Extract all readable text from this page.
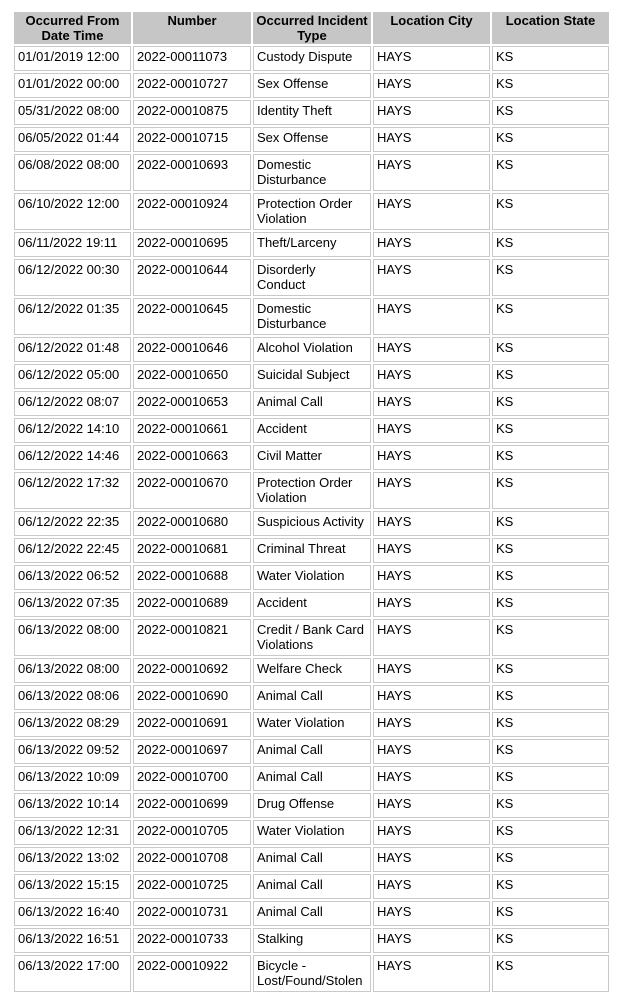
Occurred From Date Time	Number	Occurred Incident Type	Location City	Location State
01/01/2019 12:00	2022-00011073	Custody Dispute	HAYS	KS
01/01/2022 00:00	2022-00010727	Sex Offense	HAYS	KS
05/31/2022 08:00	2022-00010875	Identity Theft	HAYS	KS
06/05/2022 01:44	2022-00010715	Sex Offense	HAYS	KS
06/08/2022 08:00	2022-00010693	Domestic Disturbance	HAYS	KS
06/10/2022 12:00	2022-00010924	Protection Order Violation	HAYS	KS
06/11/2022 19:11	2022-00010695	Theft/Larceny	HAYS	KS
06/12/2022 00:30	2022-00010644	Disorderly Conduct	HAYS	KS
06/12/2022 01:35	2022-00010645	Domestic Disturbance	HAYS	KS
06/12/2022 01:48	2022-00010646	Alcohol Violation	HAYS	KS
06/12/2022 05:00	2022-00010650	Suicidal Subject	HAYS	KS
06/12/2022 08:07	2022-00010653	Animal Call	HAYS	KS
06/12/2022 14:10	2022-00010661	Accident	HAYS	KS
06/12/2022 14:46	2022-00010663	Civil Matter	HAYS	KS
06/12/2022 17:32	2022-00010670	Protection Order Violation	HAYS	KS
06/12/2022 22:35	2022-00010680	Suspicious Activity	HAYS	KS
06/12/2022 22:45	2022-00010681	Criminal Threat	HAYS	KS
06/13/2022 06:52	2022-00010688	Water Violation	HAYS	KS
06/13/2022 07:35	2022-00010689	Accident	HAYS	KS
06/13/2022 08:00	2022-00010821	Credit / Bank Card Violations	HAYS	KS
06/13/2022 08:00	2022-00010692	Welfare Check	HAYS	KS
06/13/2022 08:06	2022-00010690	Animal Call	HAYS	KS
06/13/2022 08:29	2022-00010691	Water Violation	HAYS	KS
06/13/2022 09:52	2022-00010697	Animal Call	HAYS	KS
06/13/2022 10:09	2022-00010700	Animal Call	HAYS	KS
06/13/2022 10:14	2022-00010699	Drug Offense	HAYS	KS
06/13/2022 12:31	2022-00010705	Water Violation	HAYS	KS
06/13/2022 13:02	2022-00010708	Animal Call	HAYS	KS
06/13/2022 15:15	2022-00010725	Animal Call	HAYS	KS
06/13/2022 16:40	2022-00010731	Animal Call	HAYS	KS
06/13/2022 16:51	2022-00010733	Stalking	HAYS	KS
06/13/2022 17:00	2022-00010922	Bicycle - Lost/Found/Stolen	HAYS	KS
